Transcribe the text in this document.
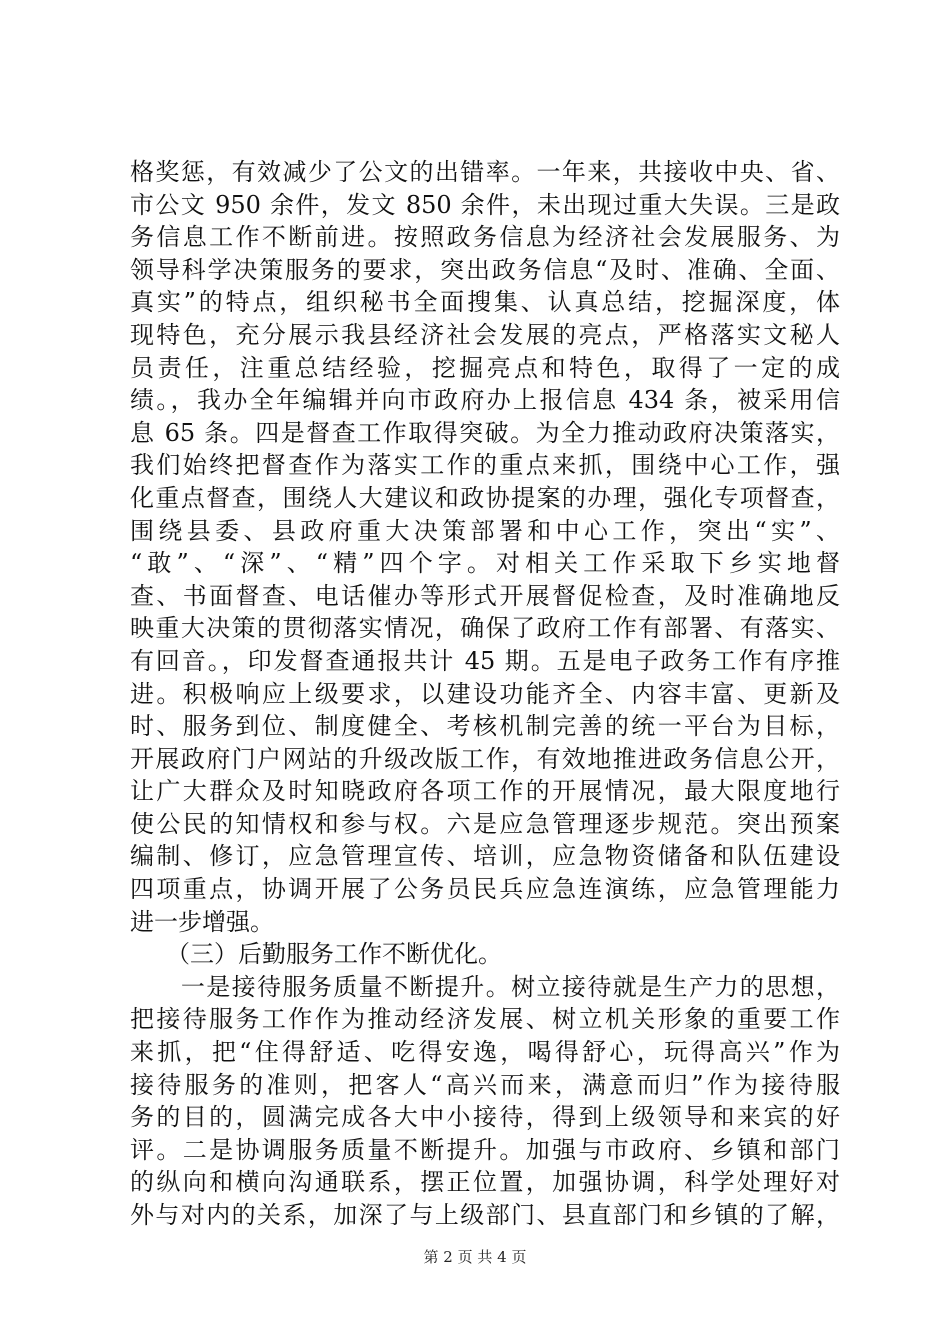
格奖惩，有效减少了公文的出错率。一年来，共接收中央、省、
市公文 950 余件，发文 850 余件，未出现过重大失误。三是政
务信息工作不断前进。按照政务信息为经济社会发展服务、为
领导科学决策服务的要求，突出政务信息“及时、准确、全面、
真实”的特点，组织秘书全面搜集、认真总结，挖掘深度，体
现特色，充分展示我县经济社会发展的亮点，严格落实文秘人
员责任，注重总结经验，挖掘亮点和特色，取得了一定的成
绩。，我办全年编辑并向市政府办上报信息 434 条，被采用信
息 65 条。四是督查工作取得突破。为全力推动政府决策落实，
我们始终把督查作为落实工作的重点来抓，围绕中心工作，强
化重点督查，围绕人大建议和政协提案的办理，强化专项督查，
围绕县委、县政府重大决策部署和中心工作，突出“实”、
“敢”、“深”、“精”四个字。对相关工作采取下乡实地督
查、书面督查、电话催办等形式开展督促检查，及时准确地反
映重大决策的贯彻落实情况，确保了政府工作有部署、有落实、
有回音。，印发督查通报共计 45 期。五是电子政务工作有序推
进。积极响应上级要求，以建设功能齐全、内容丰富、更新及
时、服务到位、制度健全、考核机制完善的统一平台为目标，
开展政府门户网站的升级改版工作，有效地推进政务信息公开，
让广大群众及时知晓政府各项工作的开展情况，最大限度地行
使公民的知情权和参与权。六是应急管理逐步规范。突出预案
编制、修订，应急管理宣传、培训，应急物资储备和队伍建设
四项重点，协调开展了公务员民兵应急连演练，应急管理能力
进一步增强。
　　（三）后勤服务工作不断优化。
　　一是接待服务质量不断提升。树立接待就是生产力的思想，
把接待服务工作作为推动经济发展、树立机关形象的重要工作
来抓，把“住得舒适、吃得安逸，喝得舒心，玩得高兴”作为
接待服务的准则，把客人“高兴而来，满意而归”作为接待服
务的目的，圆满完成各大中小接待，得到上级领导和来宾的好
评。二是协调服务质量不断提升。加强与市政府、乡镇和部门
的纵向和横向沟通联系，摆正位置，加强协调，科学处理好对
外与对内的关系，加深了与上级部门、县直部门和乡镇的了解，
第 2 页 共 4 页
